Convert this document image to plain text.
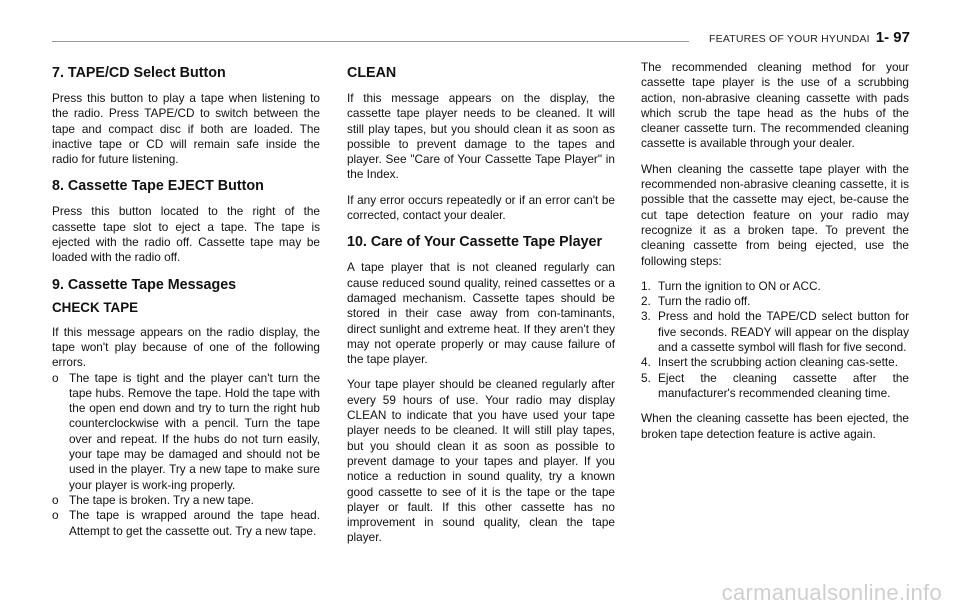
FEATURES OF YOUR HYUNDAI 1- 97
7. TAPE/CD Select Button

Press this button to play a tape when listening to the radio. Press TAPE/CD to switch between the tape and compact disc if both are loaded. The inactive tape or CD will remain safe inside the radio for future listening.

8. Cassette Tape EJECT Button

Press this button located to the right of the cassette tape slot to eject a tape. The tape is ejected with the radio off. Cassette tape may be loaded with the radio off.

9. Cassette Tape Messages
CHECK TAPE

If this message appears on the radio display, the tape won't play because of one of the following errors.

o The tape is tight and the player can't turn the tape hubs. Remove the tape. Hold the tape with the open end down and try to turn the right hub counterclockwise with a pencil. Turn the tape over and repeat. If the hubs do not turn easily, your tape may be damaged and should not be used in the player. Try a new tape to make sure your player is work-ing properly.
o The tape is broken. Try a new tape.
o The tape is wrapped around the tape head. Attempt to get the cassette out. Try a new tape.
CLEAN

If this message appears on the display, the cassette tape player needs to be cleaned. It will still play tapes, but you should clean it as soon as possible to prevent damage to the tapes and player. See "Care of Your Cassette Tape Player" in the Index.

If any error occurs repeatedly or if an error can't be corrected, contact your dealer.

10. Care of Your Cassette Tape Player

A tape player that is not cleaned regularly can cause reduced sound quality, reined cassettes or a damaged mechanism. Cassette tapes should be stored in their case away from con-taminants, direct sunlight and extreme heat. If they aren't they may not operate properly or may cause failure of the tape player.

Your tape player should be cleaned regularly after every 59 hours of use. Your radio may display CLEAN to indicate that you have used your tape player needs to be cleaned. It will still play tapes, but you should clean it as soon as possible to prevent damage to your tapes and player. If you notice a reduction in sound quality, try a known good cassette to see of it is the tape or the tape player or fault. If this other cassette has no improvement in sound quality, clean the tape player.

The recommended cleaning method for your cassette tape player is the use of a scrubbing action, non-abrasive cleaning cassette with pads which scrub the tape head as the hubs of the cleaner cassette turn. The recommended cleaning cassette is available through your dealer.

When cleaning the cassette tape player with the recommended non-abrasive cleaning cassette, it is possible that the cassette may eject, be-cause the cut tape detection feature on your radio may recognize it as a broken tape. To prevent the cleaning cassette from being ejected, use the following steps:

1. Turn the ignition to ON or ACC.
2. Turn the radio off.
3. Press and hold the TAPE/CD select button for five seconds. READY will appear on the display and a cassette symbol will flash for five second.
4. Insert the scrubbing action cleaning cas-sette.
5. Eject the cleaning cassette after the manufacturer's recommended cleaning time.

When the cleaning cassette has been ejected, the broken tape detection feature is active again.

carmanualsonline.info
